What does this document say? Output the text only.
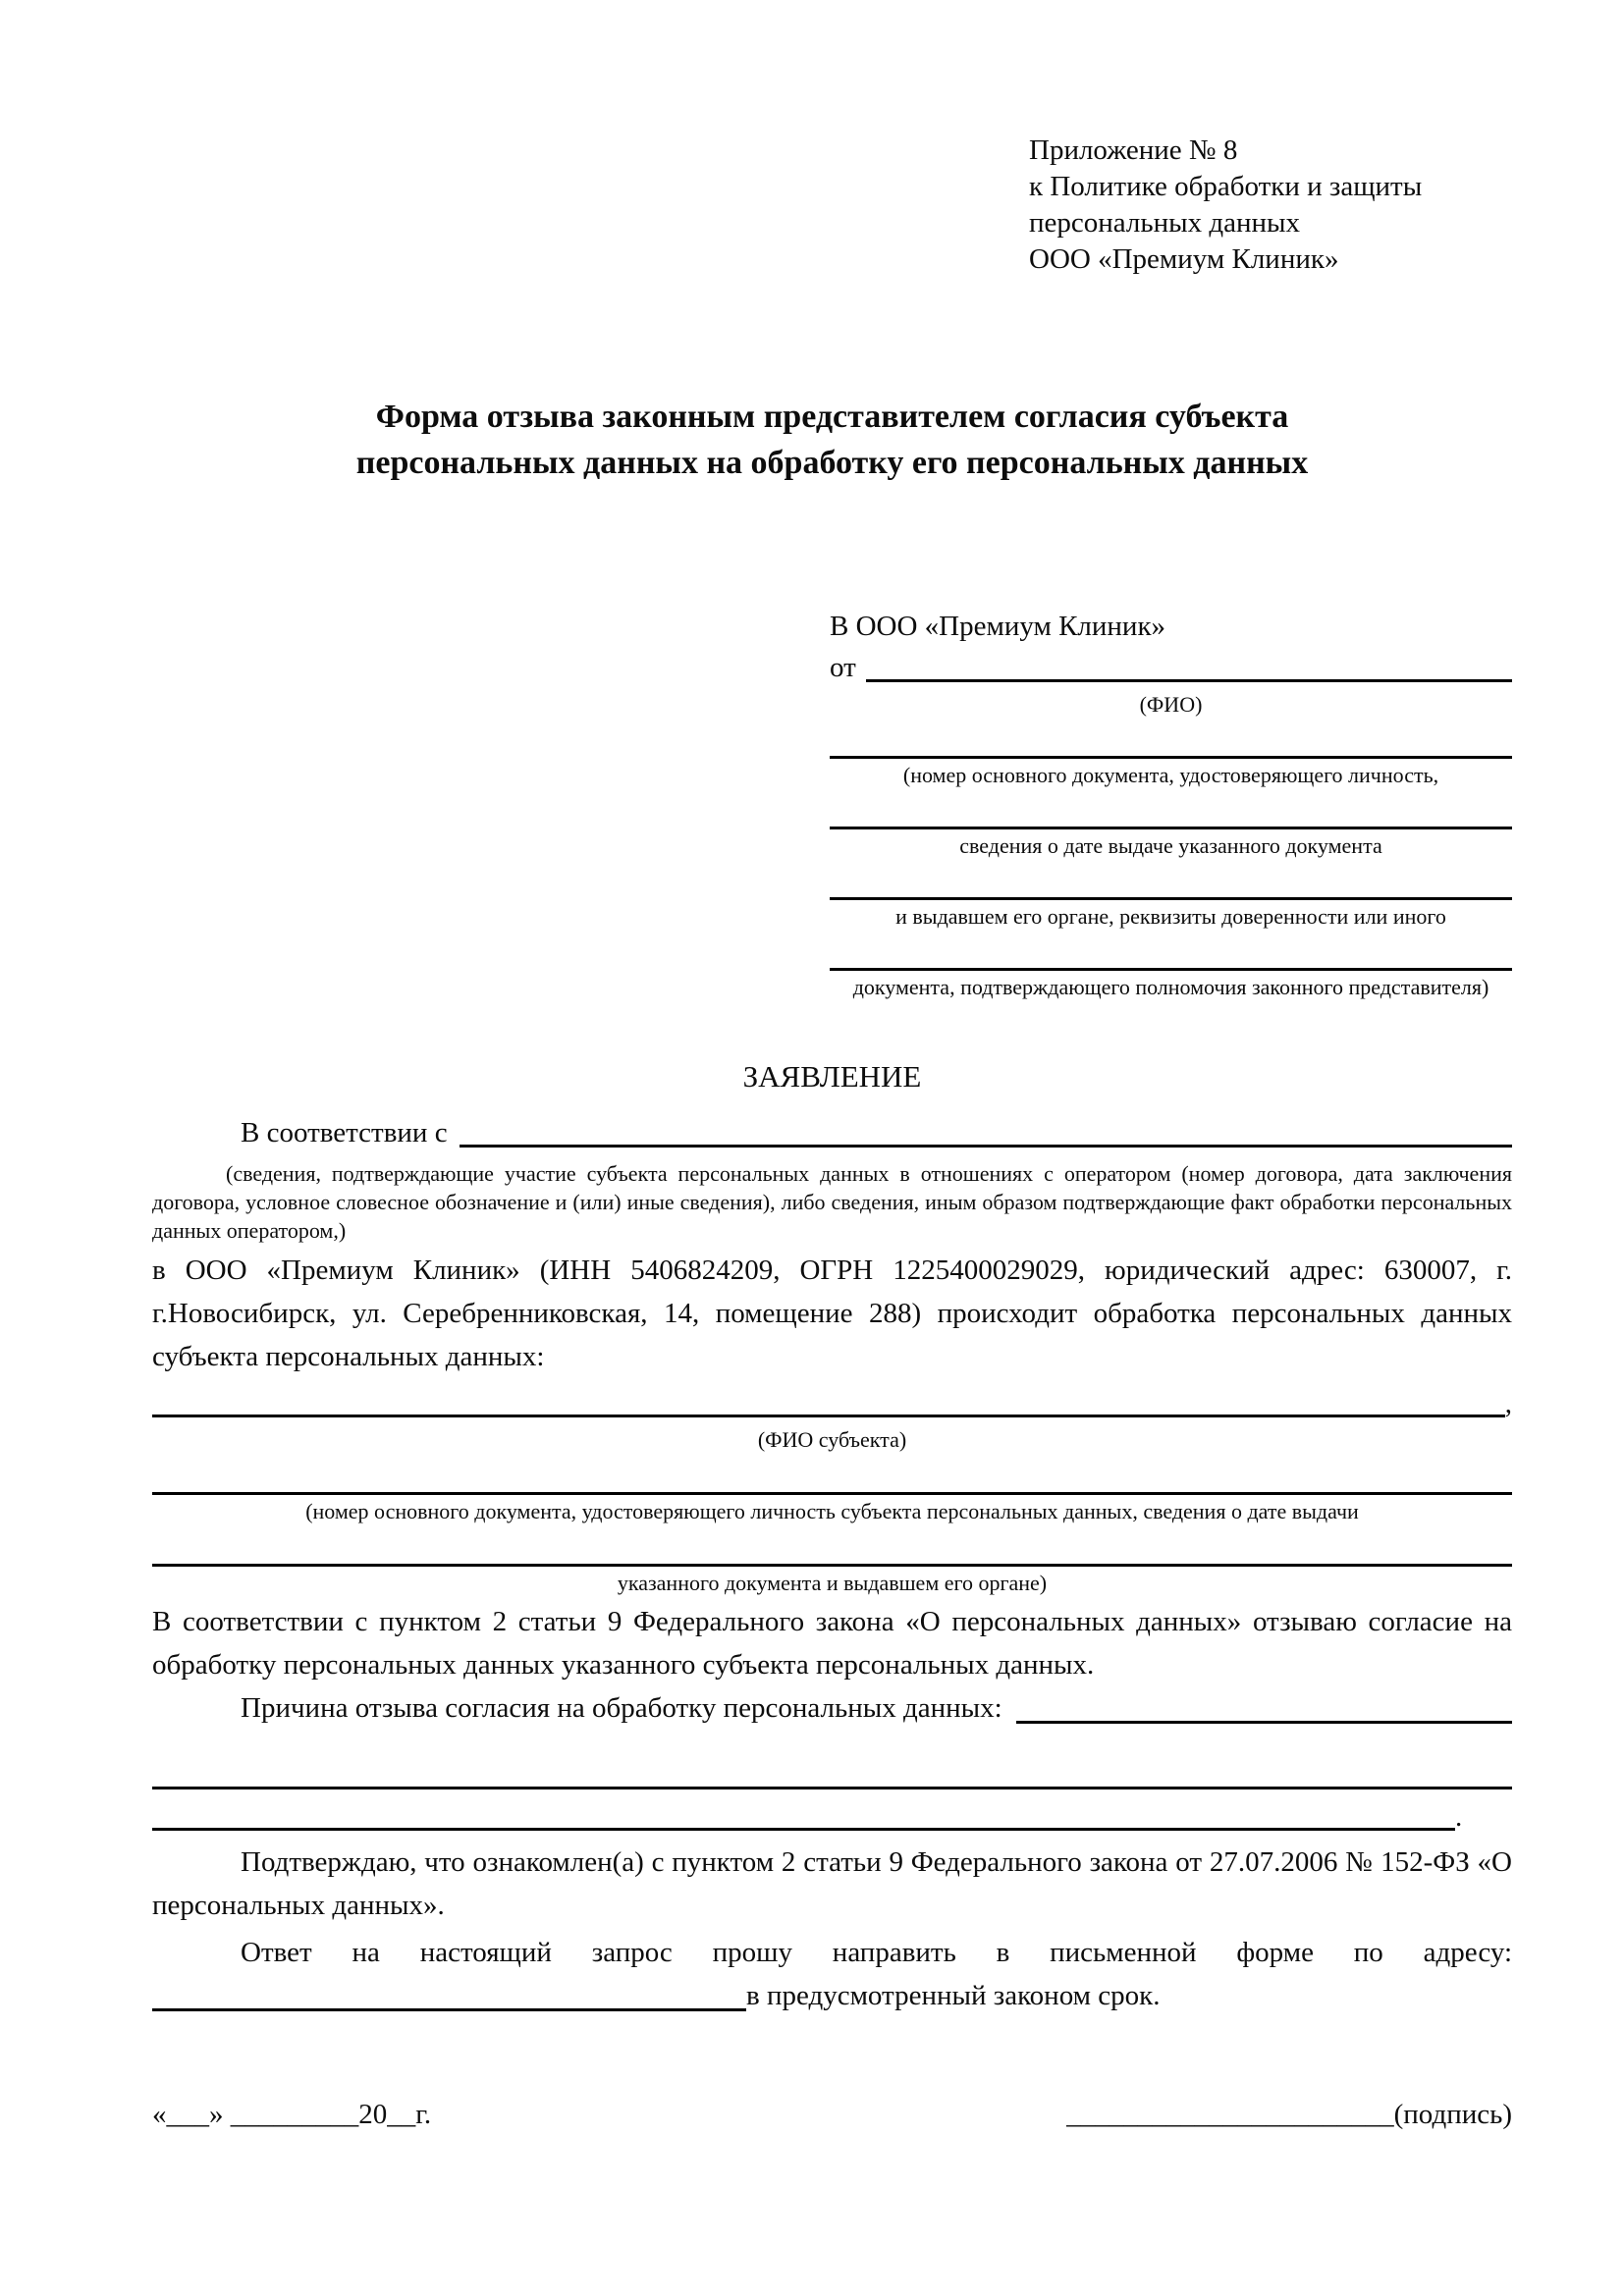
Приложение № 8
к Политике обработки и защиты
персональных данных
ООО «Премиум Клиник»
Форма отзыва законным представителем согласия субъекта
персональных данных на обработку его персональных данных
В ООО «Премиум Клиник»
от
(ФИО)
(номер основного документа, удостоверяющего личность,
сведения о дате выдаче указанного документа
и выдавшем его органе, реквизиты доверенности или иного
документа, подтверждающего полномочия законного представителя)
ЗАЯВЛЕНИЕ
В соответствии с

(сведения, подтверждающие участие субъекта персональных данных в отношениях с оператором (номер договора, дата заключения договора, условное словесное обозначение и (или) иные сведения), либо сведения, иным образом подтверждающие факт обработки персональных данных оператором,)

в ООО «Премиум Клиник» (ИНН 5406824209, ОГРН 1225400029029, юридический адрес: 630007, г. г.Новосибирск, ул. Серебренниковская, 14, помещение 288) происходит обработка персональных данных субъекта персональных данных:

,
(ФИО субъекта)
(номер основного документа, удостоверяющего личность субъекта персональных данных, сведения о дате выдачи
указанного документа и выдавшем его органе)

В соответствии с пунктом 2 статьи 9 Федерального закона «О персональных данных» отзываю согласие на обработку персональных данных указанного субъекта персональных данных.

Причина отзыва согласия на обработку персональных данных:
.

Подтверждаю, что ознакомлен(а) с пунктом 2 статьи 9 Федерального закона от 27.07.2006 № 152-ФЗ «О персональных данных».

Ответ на настоящий запрос прошу направить в письменной форме по адресу:

в предусмотренный законом срок.
«___» _________20__г.	_______________________(подпись)
